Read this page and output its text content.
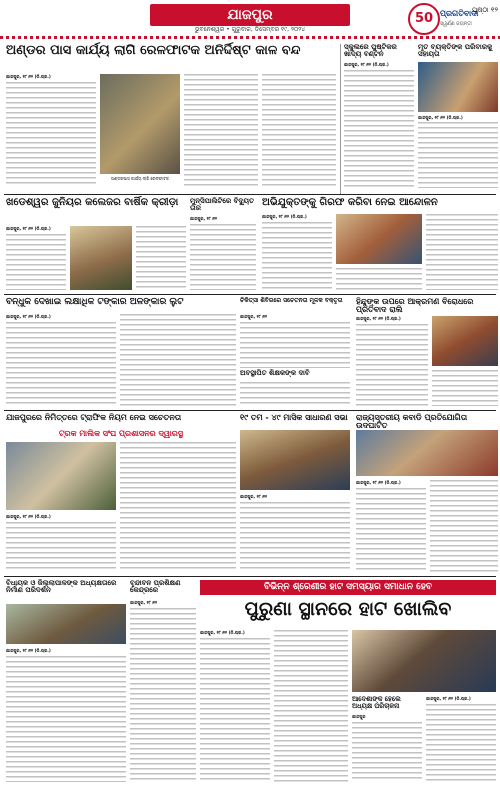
ଯାଜପୁର
ଭୁବନେଶ୍ୱର • ଗୁରୁବାର, ଡିସେମ୍ବର ୧୯, ୨୦୨୪
50 ପ୍ରଗତିବାଦୀ
ସ୍ୱର୍ଣ୍ଣ ଜୟନ୍ତୀ
ପୃଷ୍ଠା ୧୨
ଅଣ୍ଡର ପାସ କାର୍ଯ୍ୟ ଲାଗି ରେଳଫାଟକ ଅନିର୍ଦ୍ଦିଷ୍ଟ କାଳ ବନ୍ଦ
ଯାଜପୁର, ୧୮।୧୨ (ନି.ପ୍ର.)
ଅଣ୍ଡରପାସ କାର୍ଯ୍ୟ ଲାଗି ରେଳଫାଟକ
ସ୍କୁଲରେ ପୁଷ୍ଟିକର ଖାଦ୍ୟ ବଣ୍ଟନ
ଯାଜପୁର, ୧୮।୧୨ (ନି.ପ୍ର.)
ମୃତ ବ୍ୟକ୍ତିଙ୍କ ପରିବାରକୁ ସହାୟତା
ଯାଜପୁର, ୧୮।୧୨ (ନି.ପ୍ର.)
ଖଡେଶ୍ୱର ଜୁନିୟର କଲେଜର ବାର୍ଷିକ କ୍ରୀଡ଼ା
ଯାଜପୁର, ୧୮।୧୨ (ନି.ପ୍ର.)
ମୁନ୍ସିପାଲିଟିରେ ବିଦ୍ୟୁତ ତାର
ଯାଜପୁର, ୧୮।୧୨
ଅଭିଯୁକ୍ତଙ୍କୁ ଗିରଫ କରିବା ନେଇ ଆନ୍ଦୋଳନ
ଯାଜପୁର, ୧୮।୧୨ (ନି.ପ୍ର.)
ବନ୍ଧୁକ ଦେଖାଇ ଲକ୍ଷାଧିକ ଟଙ୍କାର ଅଳଙ୍କାର ଲୁଟ
ଯାଜପୁର, ୧୮।୧୨ (ନି.ପ୍ର.)
ଚିକିତ୍ସା ଶିବିରରେ ସଚେତନତା ମୂଳକ ବକ୍ତୃତା
ଯାଜପୁର, ୧୮।୧୨
ଅବସ୍ଥାପିତ ଶିକ୍ଷକଙ୍କ ଦାବି
ହିନ୍ଦୁଙ୍କ ଉପରେ ଆକ୍ରମଣ ବିରୋଧରେ ପ୍ରତିବାଦ ରାଲି
ଯାଜପୁର, ୧୮।୧୨ (ନି.ପ୍ର.)
ଯାଜପୁରରେ ନିମିତ୍ତରେ ଟ୍ରାଫିକ ନିୟମ ନେଇ ସଚେତନତା
ଟ୍ରକ ମାଲିକ ସଂଘ ପ୍ରଶାସନର ଦ୍ୱାରସ୍ଥ
ଯାଜପୁର, ୧୮।୧୨ (ନି.ପ୍ର.)
୧୯ ତମ - ୪୯ ମାସିକ ସାଧାରଣ ସଭା
ଯାଜପୁର, ୧୮।୧୨
ରାଜ୍ୟସ୍ତରୀୟ କବାଡି ପ୍ରତିଯୋଗିତା ଉଦଘାଟିତ
ଯାଜପୁର, ୧୮।୧୨ (ନି.ପ୍ର.)
ବିଧାୟକ ଓ ଜିଲ୍ଲାପାଳଙ୍କ ଅଧ୍ୟକ୍ଷତାରେ ନିର୍ମାଣ ପରିଦର୍ଶନ
ଯାଜପୁର, ୧୮।୧୨ (ନି.ପ୍ର.)
ବୃନ୍ଦାବନ ପ୍ରଶିକ୍ଷଣ କେନ୍ଦ୍ରରେ
ଯାଜପୁର, ୧୮।୧୨
ବିଭିନ୍ନ ଶ୍ରେଣୀର ହାଟ ସମସ୍ୟାର ସମାଧାନ ହେବ
ପୁରୁଣା ସ୍ଥାନରେ ହାଟ ଖୋଲିବ
ଯାଜପୁର, ୧୮।୧୨ (ନି.ପ୍ର.)
ଆଦେଶାଙ୍କ ହେଲେ ଅଧ୍ୟକ୍ଷ ପରିଚାଳନା
ଯାଜପୁର
ଯାଜପୁର, ୧୮।୧୨ (ନି.ପ୍ର.)
